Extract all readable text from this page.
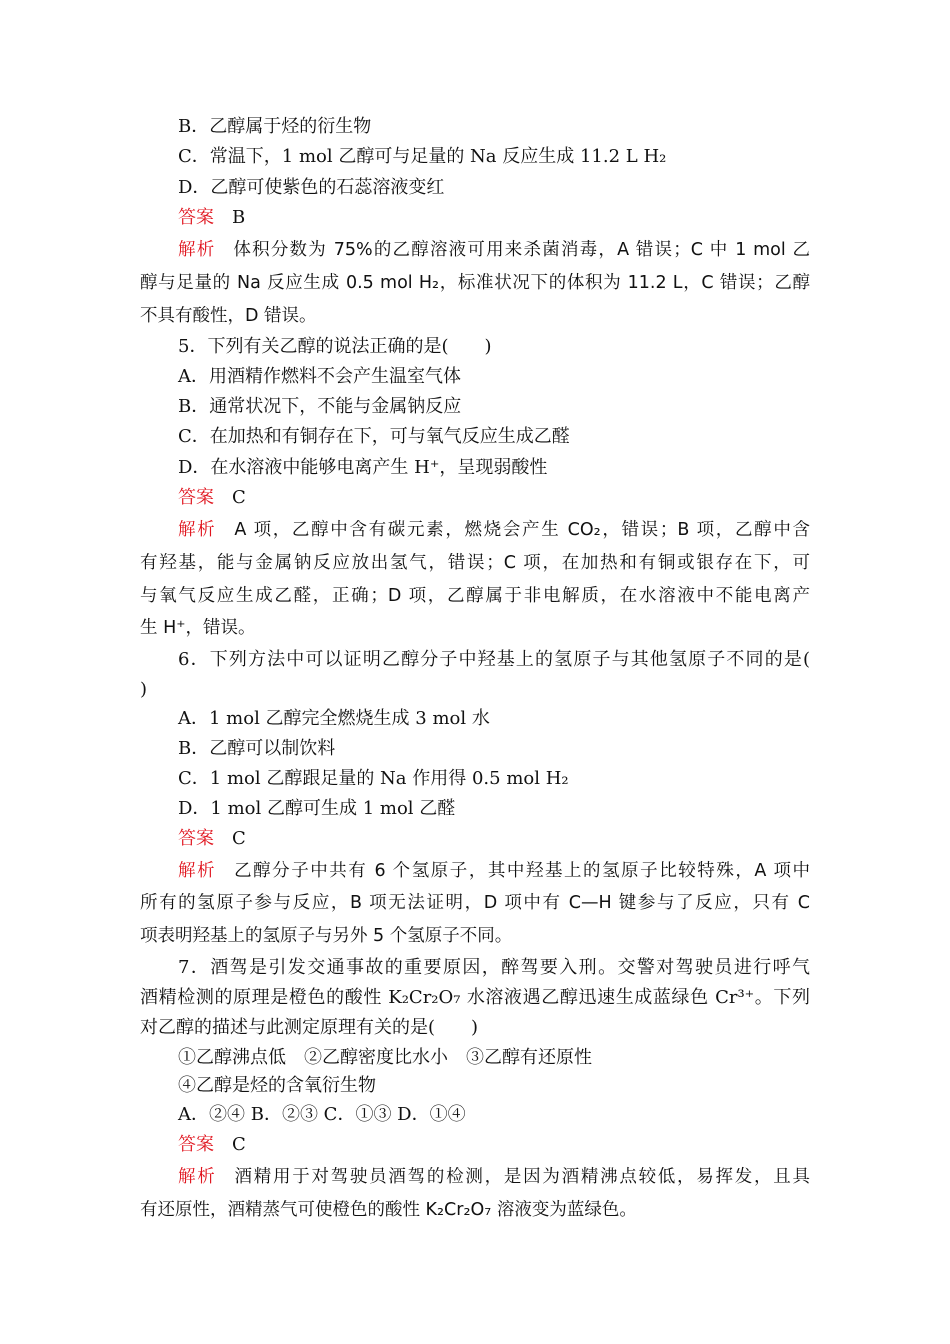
B．乙醇属于烃的衍生物
C．常温下，1 mol 乙醇可与足量的 Na 反应生成 11.2 L H₂
D．乙醇可使紫色的石蕊溶液变红
答案 B
解析 体积分数为 75%的乙醇溶液可用来杀菌消毒，A 错误；C 中 1 mol 乙
醇与足量的 Na 反应生成 0.5 mol H₂，标准状况下的体积为 11.2 L，C 错误；乙醇
不具有酸性，D 错误。
5．下列有关乙醇的说法正确的是(　　)
A．用酒精作燃料不会产生温室气体
B．通常状况下，不能与金属钠反应
C．在加热和有铜存在下，可与氧气反应生成乙醛
D．在水溶液中能够电离产生 H⁺，呈现弱酸性
答案 C
解析 A 项，乙醇中含有碳元素，燃烧会产生 CO₂，错误；B 项，乙醇中含
有羟基，能与金属钠反应放出氢气，错误；C 项，在加热和有铜或银存在下，可
与氧气反应生成乙醛，正确；D 项，乙醇属于非电解质，在水溶液中不能电离产
生 H⁺，错误。
6．下列方法中可以证明乙醇分子中羟基上的氢原子与其他氢原子不同的是(
)
A．1 mol 乙醇完全燃烧生成 3 mol 水
B．乙醇可以制饮料
C．1 mol 乙醇跟足量的 Na 作用得 0.5 mol H₂
D．1 mol 乙醇可生成 1 mol 乙醛
答案 C
解析 乙醇分子中共有 6 个氢原子，其中羟基上的氢原子比较特殊，A 项中
所有的氢原子参与反应，B 项无法证明，D 项中有 C—H 键参与了反应，只有 C
项表明羟基上的氢原子与另外 5 个氢原子不同。
7．酒驾是引发交通事故的重要原因，醉驾要入刑。交警对驾驶员进行呼气
酒精检测的原理是橙色的酸性 K₂Cr₂O₇ 水溶液遇乙醇迅速生成蓝绿色 Cr³⁺。下列
对乙醇的描述与此测定原理有关的是(　　)
①乙醇沸点低　②乙醇密度比水小　③乙醇有还原性
④乙醇是烃的含氧衍生物
A．②④ B．②③ C．①③ D．①④
答案 C
解析 酒精用于对驾驶员酒驾的检测，是因为酒精沸点较低，易挥发，且具
有还原性，酒精蒸气可使橙色的酸性 K₂Cr₂O₇ 溶液变为蓝绿色。
